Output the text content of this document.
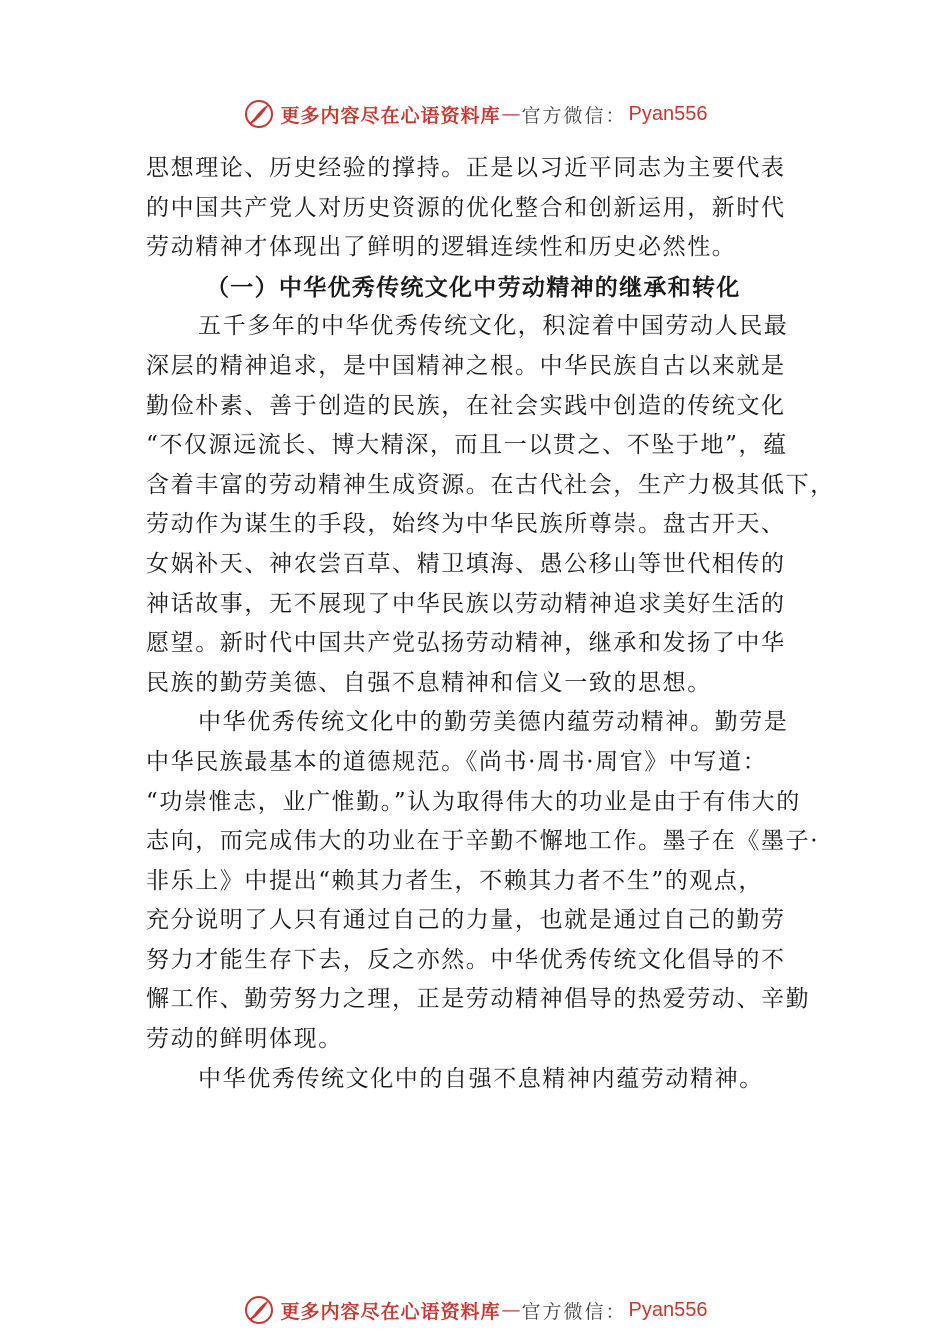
更多内容尽在心语资料库 — 官方微信： Pyan556
思想理论、历史经验的撑持。正是以习近平同志为主要代表
的中国共产党人对历史资源的优化整合和创新运用，新时代
劳动精神才体现出了鲜明的逻辑连续性和历史必然性。
（一）中华优秀传统文化中劳动精神的继承和转化
五千多年的中华优秀传统文化，积淀着中国劳动人民最
深层的精神追求，是中国精神之根。中华民族自古以来就是
勤俭朴素、善于创造的民族，在社会实践中创造的传统文化
“不仅源远流长、博大精深，而且一以贯之、不坠于地”，蕴
含着丰富的劳动精神生成资源。在古代社会，生产力极其低下，
劳动作为谋生的手段，始终为中华民族所尊崇。盘古开天、
女娲补天、神农尝百草、精卫填海、愚公移山等世代相传的
神话故事，无不展现了中华民族以劳动精神追求美好生活的
愿望。新时代中国共产党弘扬劳动精神，继承和发扬了中华
民族的勤劳美德、自强不息精神和信义一致的思想。
中华优秀传统文化中的勤劳美德内蕴劳动精神。勤劳是
中华民族最基本的道德规范。《尚书·周书·周官》中写道：
“功崇惟志，业广惟勤。”认为取得伟大的功业是由于有伟大的
志向，而完成伟大的功业在于辛勤不懈地工作。墨子在《墨子·
非乐上》中提出“赖其力者生，不赖其力者不生”的观点，
充分说明了人只有通过自己的力量，也就是通过自己的勤劳
努力才能生存下去，反之亦然。中华优秀传统文化倡导的不
懈工作、勤劳努力之理，正是劳动精神倡导的热爱劳动、辛勤
劳动的鲜明体现。
中华优秀传统文化中的自强不息精神内蕴劳动精神。
更多内容尽在心语资料库 — 官方微信： Pyan556
